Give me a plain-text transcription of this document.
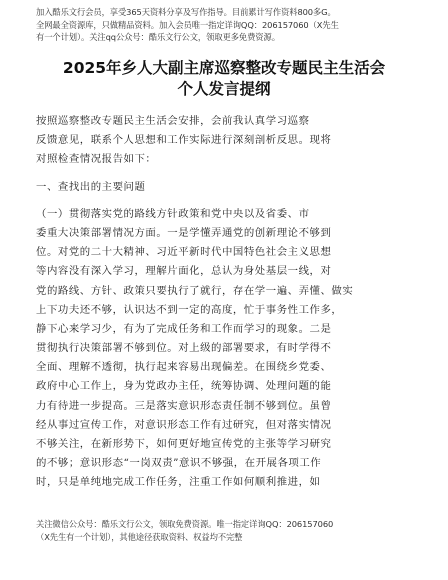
加入酷乐文行会员，享受365天资料分享及写作指导。目前累计写作资料800多G。
全网最全资源库，只做精品资料。加入会员唯一指定详询QQ：206157060（X先生
有一个计划）。关注qq公众号：酷乐文行公文，领取更多免费资源。
2025年乡人大副主席巡察整改专题民主生活会
个人发言提纲
按照巡察整改专题民主生活会安排，会前我认真学习巡察
反馈意见，联系个人思想和工作实际进行深刻剖析反思。现将
对照检查情况报告如下：
一、查找出的主要问题
（一）贯彻落实党的路线方针政策和党中央以及省委、市
委重大决策部署情况方面。一是学懂弄通党的创新理论不够到
位。对党的二十大精神、习近平新时代中国特色社会主义思想
等内容没有深入学习，理解片面化，总认为身处基层一线，对
党的路线、方针、政策只要执行了就行，存在学一遍、弄懂、做实
上下功夫还不够，认识达不到一定的高度，忙于事务性工作多，
静下心来学习少，有为了完成任务和工作而学习的现象。二是
贯彻执行决策部署不够到位。对上级的部署要求，有时学得不
全面、理解不透彻，执行起来容易出现偏差。在围绕乡党委、
政府中心工作上，身为党政办主任，统筹协调、处理问题的能
力有待进一步提高。三是落实意识形态责任制不够到位。虽曾
经从事过宣传工作，对意识形态工作有过研究，但对落实情况
不够关注，在新形势下，如何更好地宣传党的主张等学习研究
的不够；意识形态“一岗双责”意识不够强，在开展各项工作
时，只是单纯地完成工作任务，注重工作如何顺利推进，如
关注微信公众号：酷乐文行公文，领取免费资源。唯一指定详询QQ：206157060
（X先生有一个计划），其他途径获取资料、权益均不完整
